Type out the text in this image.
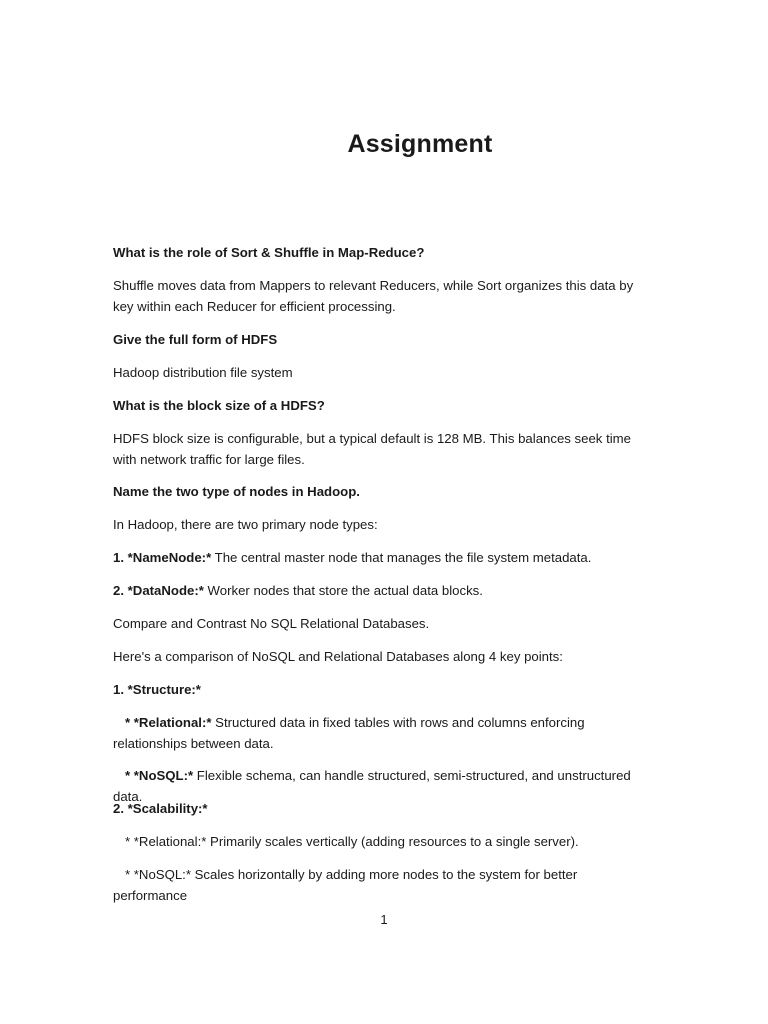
Assignment

What is the role of Sort & Shuffle in Map-Reduce?

Shuffle moves data from Mappers to relevant Reducers, while Sort organizes this data by key within each Reducer for efficient processing.

Give the full form of HDFS

Hadoop distribution file system

What is the block size of a HDFS?

HDFS block size is configurable, but a typical default is 128 MB. This balances seek time with network traffic for large files.

Name the two type of nodes in Hadoop.

In Hadoop, there are two primary node types:

1. *NameNode:* The central master node that manages the file system metadata.

2. *DataNode:* Worker nodes that store the actual data blocks.

Compare and Contrast No SQL Relational Databases.

Here's a comparison of NoSQL and Relational Databases along 4 key points:

1. *Structure:*

* *Relational:* Structured data in fixed tables with rows and columns enforcing relationships between data.

* *NoSQL:* Flexible schema, can handle structured, semi-structured, and unstructured data.

2. *Scalability:*

* *Relational:* Primarily scales vertically (adding resources to a single server).

* *NoSQL:* Scales horizontally by adding more nodes to the system for better performance

1
